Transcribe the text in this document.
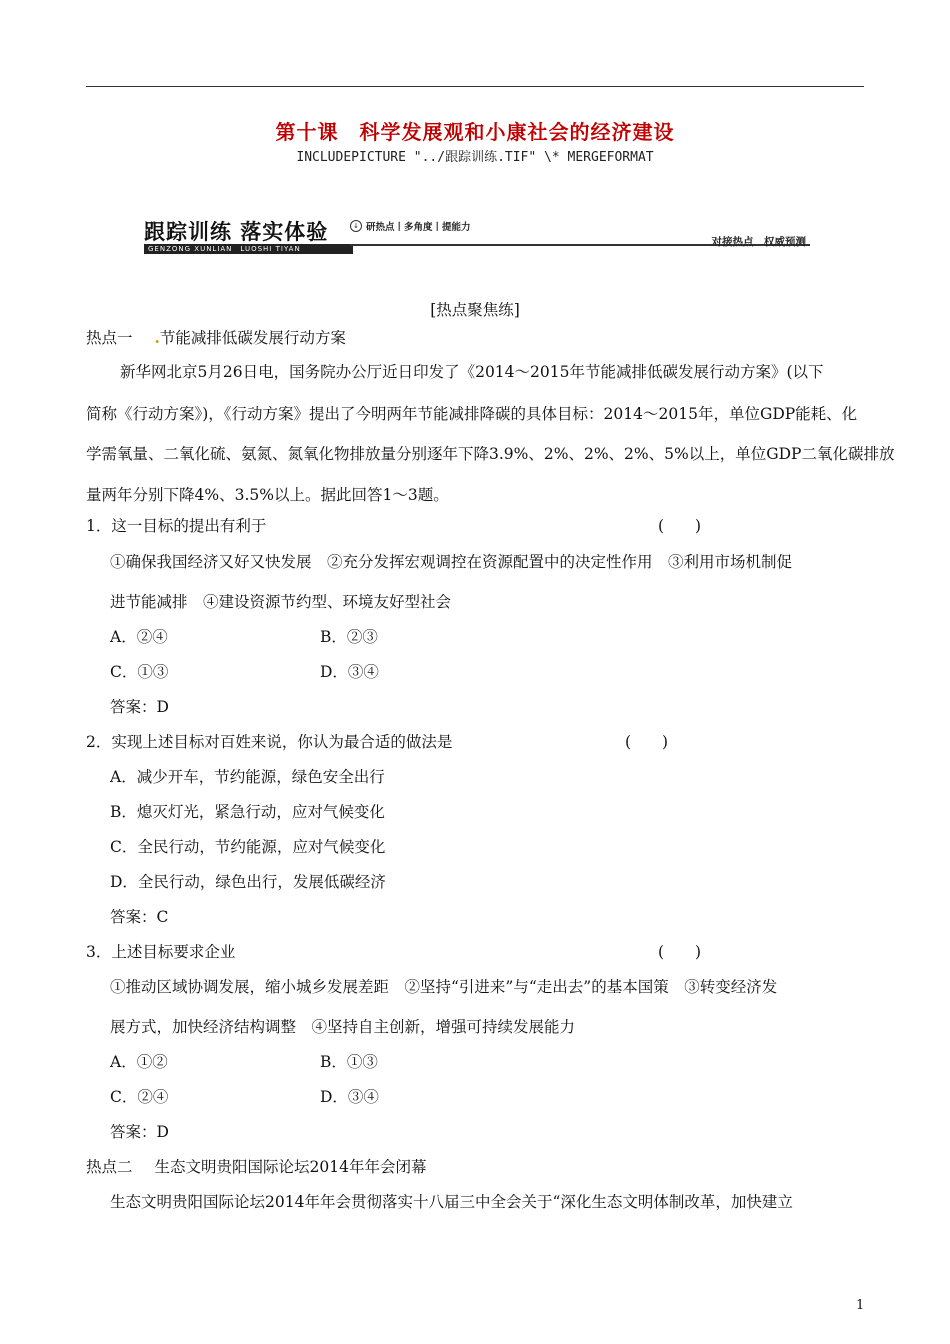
第十课　科学发展观和小康社会的经济建设
INCLUDEPICTURE "../跟踪训练.TIF" \* MERGEFORMAT
跟踪训练 落实体验
GENZONG XUNLIAN　LUOSHI TIYAN
↓ 研热点丨多角度丨提能力
对接热点　权威预测
[热点聚焦练]
热点一 .节能减排低碳发展行动方案
新华网北京5月26日电，国务院办公厅近日印发了《2014～2015年节能减排低碳发展行动方案》(以下
简称《行动方案》)，《行动方案》提出了今明两年节能减排降碳的具体目标：2014～2015年，单位GDP能耗、化
学需氧量、二氧化硫、氨氮、氮氧化物排放量分别逐年下降3.9%、2%、2%、2%、5%以上，单位GDP二氧化碳排放
量两年分别下降4%、3.5%以上。据此回答1～3题。
1．这一目标的提出有利于	(　　)
①确保我国经济又好又快发展　②充分发挥宏观调控在资源配置中的决定性作用　③利用市场机制促
进节能减排　④建设资源节约型、环境友好型社会
A．②④	B．②③
C．①③	D．③④
答案：D
2．实现上述目标对百姓来说，你认为最合适的做法是	(　　)
A．减少开车，节约能源，绿色安全出行
B．熄灭灯光，紧急行动，应对气候变化
C．全民行动，节约能源，应对气候变化
D．全民行动，绿色出行，发展低碳经济
答案：C
3．上述目标要求企业	(　　)
①推动区域协调发展，缩小城乡发展差距　②坚持“引进来”与“走出去”的基本国策　③转变经济发
展方式，加快经济结构调整　④坚持自主创新，增强可持续发展能力
A．①②	B．①③
C．②④	D．③④
答案：D
热点二 生态文明贵阳国际论坛2014年年会闭幕
生态文明贵阳国际论坛2014年年会贯彻落实十八届三中全会关于“深化生态文明体制改革，加快建立
1
